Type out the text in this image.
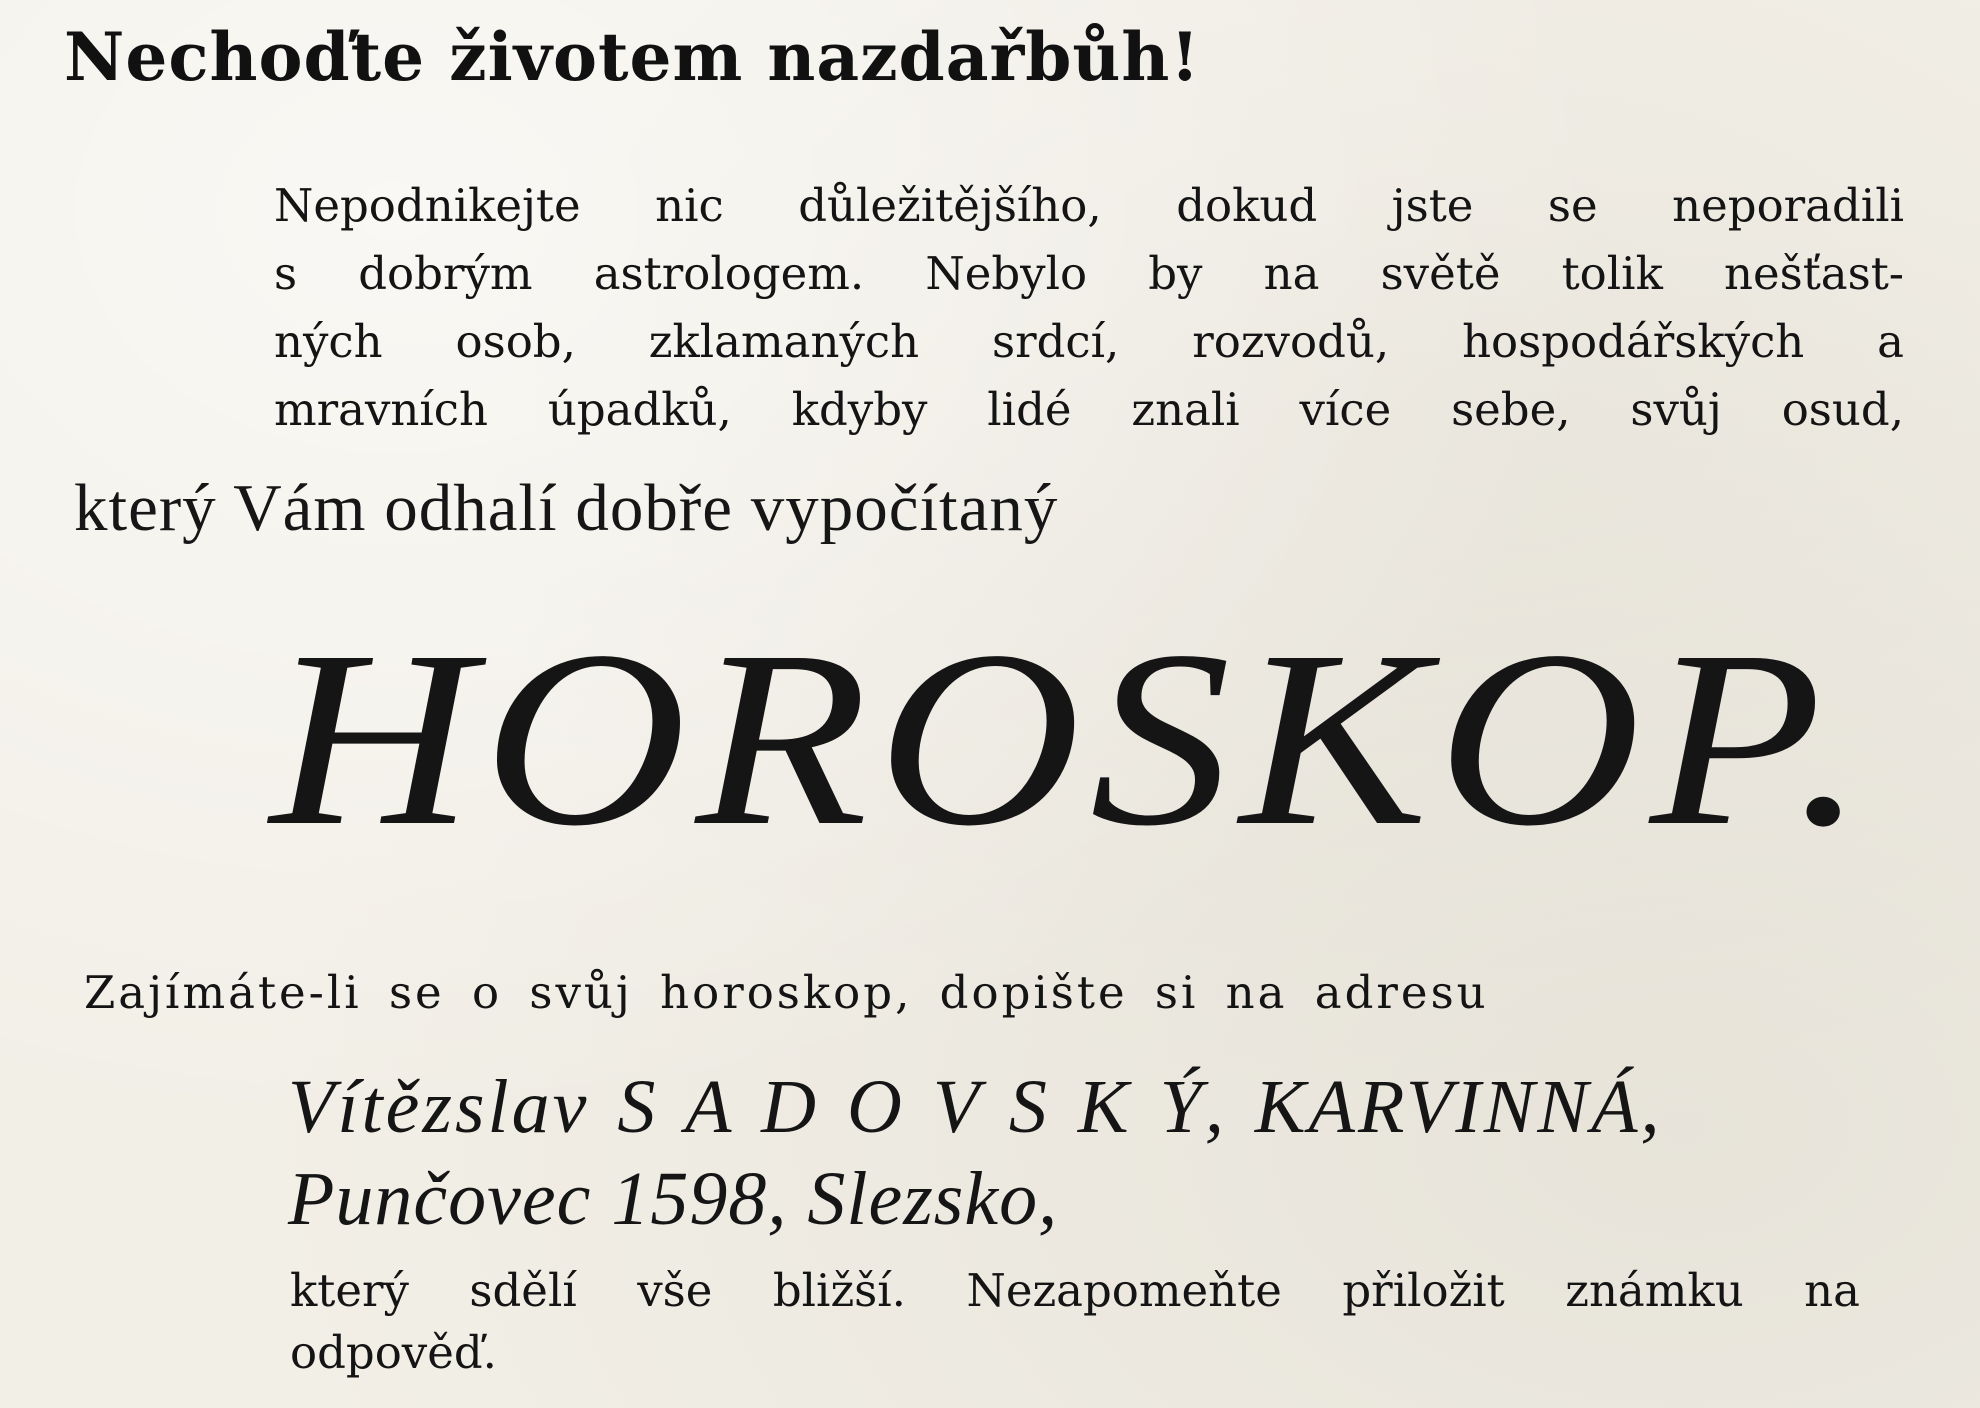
Nechoďte životem nazdařbůh!

Nepodnikejte nic důležitějšího, dokud jste se neporadili
s dobrým astrologem. Nebylo by na světě tolik nešťast-
ných osob, zklamaných srdcí, rozvodů, hospodářských a
mravních úpadků, kdyby lidé znali více sebe, svůj osud,

který Vám odhalí dobře vypočítaný
HOROSKOP.
Zajímáte-li se o svůj horoskop, dopište si na adresu
Vítězslav S A D O V S K Ý, KARVINNÁ,
Punčovec 1598, Slezsko,

který sdělí vše bližší. Nezapomeňte přiložit známku na
odpověď.
